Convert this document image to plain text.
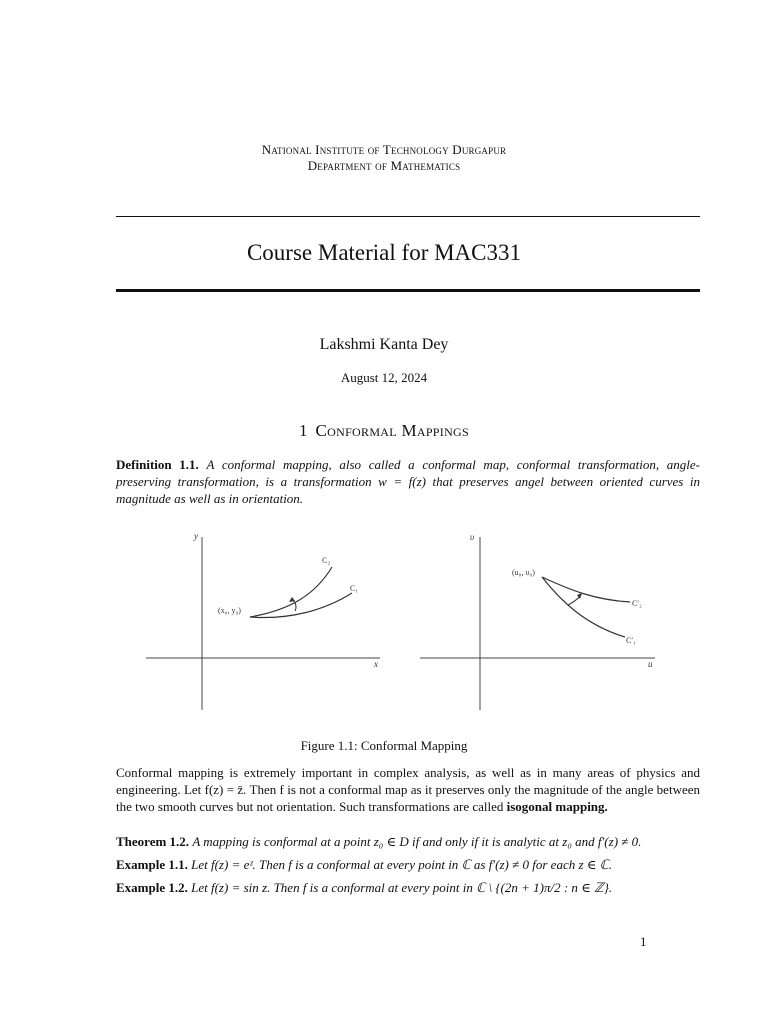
National Institute of Technology Durgapur
Department of Mathematics
Course Material for MAC331
Lakshmi Kanta Dey
August 12, 2024
1 Conformal Mappings
Definition 1.1. A conformal mapping, also called a conformal map, conformal transformation, angle-preserving transformation, is a transformation w = f(z) that preserves angel between oriented curves in magnitude as well as in orientation.
y
x
(x₀, y₀)
C₂
C₁
υ
u
(u₀, υ₀)
C′₂
C′₁
Figure 1.1: Conformal Mapping
Conformal mapping is extremely important in complex analysis, as well as in many areas of physics and engineering. Let f(z) = z̄. Then f is not a conformal map as it preserves only the magnitude of the angle between the two smooth curves but not orientation. Such transformations are called isogonal mapping.
Theorem 1.2. A mapping is conformal at a point z₀ ∈ D if and only if it is analytic at z₀ and f′(z) ≠ 0.
Example 1.1. Let f(z) = eᶻ. Then f is a conformal at every point in ℂ as f′(z) ≠ 0 for each z ∈ ℂ.
Example 1.2. Let f(z) = sin z. Then f is a conformal at every point in ℂ \ {(2n + 1)π/2 : n ∈ ℤ}.
1
